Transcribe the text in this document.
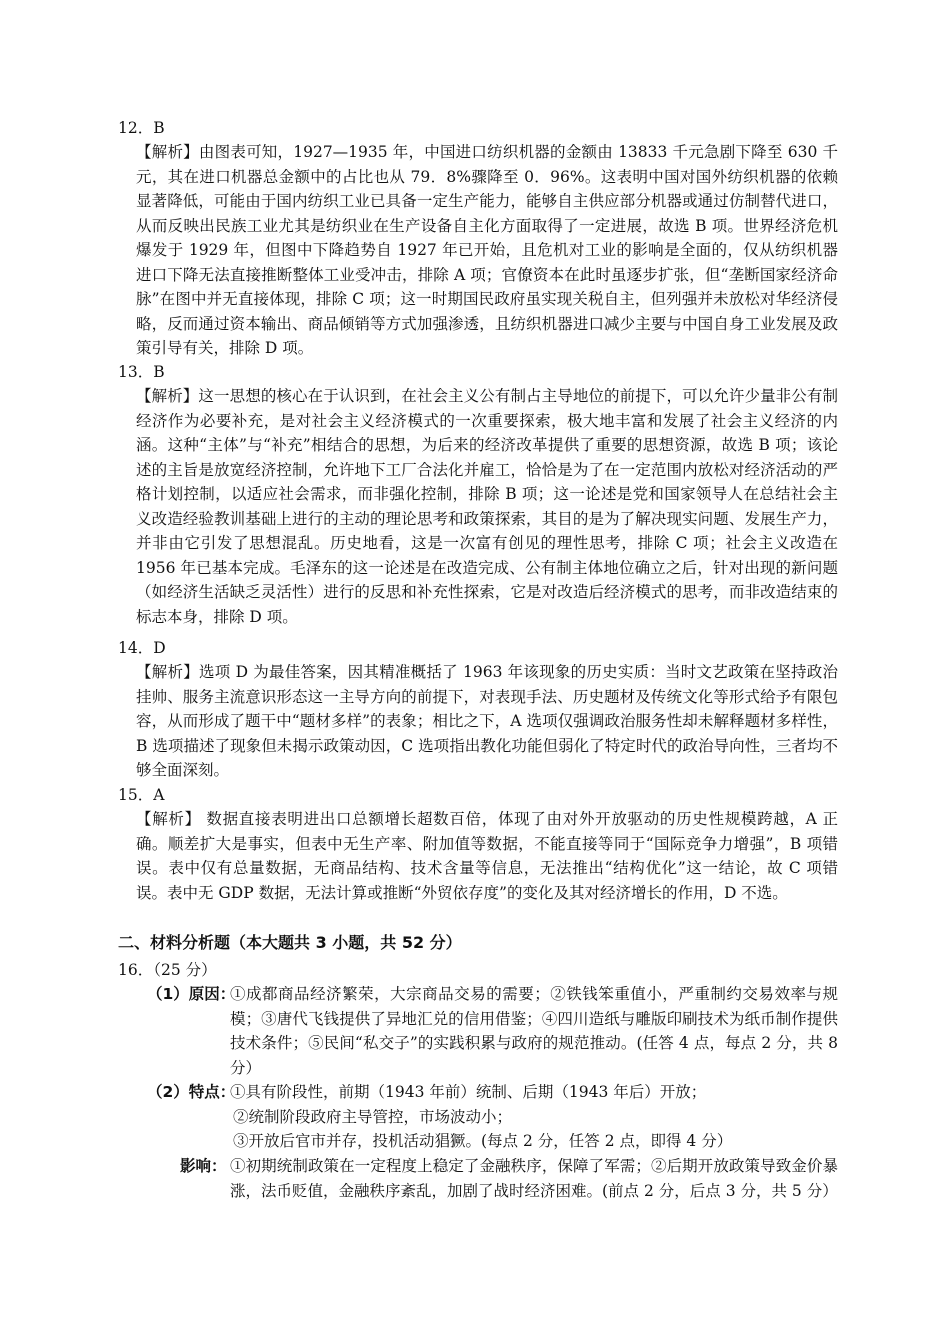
12．B
【解析】由图表可知，1927—1935 年，中国进口纺织机器的金额由 13833 千元急剧下降至 630 千元，其在进口机器总金额中的占比也从 79．8%骤降至 0．96%。这表明中国对国外纺织机器的依赖显著降低，可能由于国内纺织工业已具备一定生产能力，能够自主供应部分机器或通过仿制替代进口，从而反映出民族工业尤其是纺织业在生产设备自主化方面取得了一定进展，故选 B 项。世界经济危机爆发于 1929 年，但图中下降趋势自 1927 年已开始，且危机对工业的影响是全面的，仅从纺织机器进口下降无法直接推断整体工业受冲击，排除 A 项；官僚资本在此时虽逐步扩张，但“垄断国家经济命脉”在图中并无直接体现，排除 C 项；这一时期国民政府虽实现关税自主，但列强并未放松对华经济侵略，反而通过资本输出、商品倾销等方式加强渗透，且纺织机器进口减少主要与中国自身工业发展及政策引导有关，排除 D 项。
13．B
【解析】这一思想的核心在于认识到，在社会主义公有制占主导地位的前提下，可以允许少量非公有制经济作为必要补充，是对社会主义经济模式的一次重要探索，极大地丰富和发展了社会主义经济的内涵。这种“主体”与“补充”相结合的思想，为后来的经济改革提供了重要的思想资源，故选 B 项；该论述的主旨是放宽经济控制，允许地下工厂合法化并雇工，恰恰是为了在一定范围内放松对经济活动的严格计划控制，以适应社会需求，而非强化控制，排除 B 项；这一论述是党和国家领导人在总结社会主义改造经验教训基础上进行的主动的理论思考和政策探索，其目的是为了解决现实问题、发展生产力，并非由它引发了思想混乱。历史地看，这是一次富有创见的理性思考，排除 C 项；社会主义改造在 1956 年已基本完成。毛泽东的这一论述是在改造完成、公有制主体地位确立之后，针对出现的新问题（如经济生活缺乏灵活性）进行的反思和补充性探索，它是对改造后经济模式的思考，而非改造结束的标志本身，排除 D 项。
14．D
【解析】选项 D 为最佳答案，因其精准概括了 1963 年该现象的历史实质：当时文艺政策在坚持政治挂帅、服务主流意识形态这一主导方向的前提下，对表现手法、历史题材及传统文化等形式给予有限包容，从而形成了题干中“题材多样”的表象；相比之下，A 选项仅强调政治服务性却未解释题材多样性，B 选项描述了现象但未揭示政策动因，C 选项指出教化功能但弱化了特定时代的政治导向性，三者均不够全面深刻。
15．A
【解析】 数据直接表明进出口总额增长超数百倍，体现了由对外开放驱动的历史性规模跨越，A 正确。顺差扩大是事实，但表中无生产率、附加值等数据，不能直接等同于“国际竞争力增强”，B 项错误。表中仅有总量数据，无商品结构、技术含量等信息，无法推出“结构优化”这一结论，故 C 项错误。表中无 GDP 数据，无法计算或推断“外贸依存度”的变化及其对经济增长的作用，D 不选。
二、材料分析题（本大题共 3 小题，共 52 分）
16．（25 分）
（1）原因：
①成都商品经济繁荣，大宗商品交易的需要；②铁钱笨重值小，严重制约交易效率与规模；③唐代飞钱提供了异地汇兑的信用借鉴；④四川造纸与雕版印刷技术为纸币制作提供技术条件；⑤民间“私交子”的实践积累与政府的规范推动。(任答 4 点，每点 2 分，共 8 分）
（2）特点：
①具有阶段性，前期（1943 年前）统制、后期（1943 年后）开放；
②统制阶段政府主导管控，市场波动小；
③开放后官市并存，投机活动猖獗。(每点 2 分，任答 2 点，即得 4 分）
影响： ①初期统制政策在一定程度上稳定了金融秩序，保障了军需；②后期开放政策导致金价暴涨，法币贬值，金融秩序紊乱，加剧了战时经济困难。(前点 2 分，后点 3 分，共 5 分）
